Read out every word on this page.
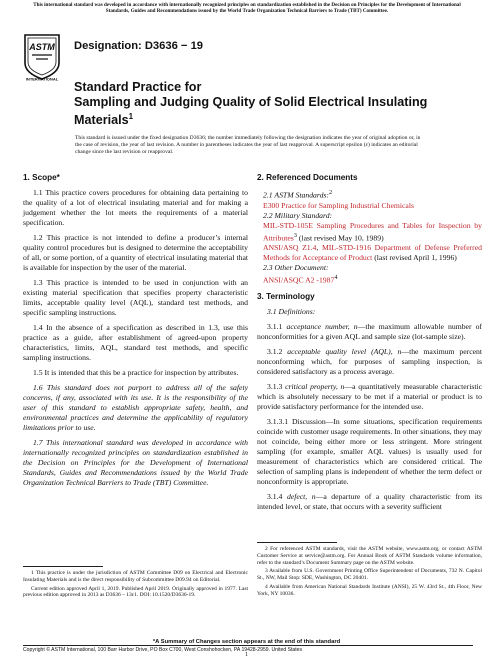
This international standard was developed in accordance with internationally recognized principles on standardization established in the Decision on Principles for the Development of International Standards, Guides and Recommendations issued by the World Trade Organization Technical Barriers to Trade (TBT) Committee.
ASTM
INTERNATIONAL
Designation: D3636 − 19
Standard Practice for
Sampling and Judging Quality of Solid Electrical Insulating
Materials$^1$
This standard is issued under the fixed designation D3636; the number immediately following the designation indicates the year of original adoption or, in the case of revision, the year of last revision. A number in parentheses indicates the year of last reapproval. A superscript epsilon (ε) indicates an editorial change since the last revision or reapproval.
1. Scope*

1.1 This practice covers procedures for obtaining data pertaining to the quality of a lot of electrical insulating material and for making a judgement whether the lot meets the requirements of a material specification.

1.2 This practice is not intended to define a producer’s internal quality control procedures but is designed to determine the acceptability of all, or some portion, of a quantity of electrical insulating material that is available for inspection by the user of the material.

1.3 This practice is intended to be used in conjunction with an existing material specification that specifies property characteristic limits, acceptable quality level (AQL), standard test methods, and specific sampling instructions.

1.4 In the absence of a specification as described in 1.3, use this practice as a guide, after establishment of agreed-upon property characteristics, limits, AQL, standard test methods, and specific sampling instructions.

1.5 It is intended that this be a practice for inspection by attributes.

1.6 This standard does not purport to address all of the safety concerns, if any, associated with its use. It is the responsibility of the user of this standard to establish appropriate safety, health, and environmental practices and determine the applicability of regulatory limitations prior to use.

1.7 This international standard was developed in accordance with internationally recognized principles on standardization established in the Decision on Principles for the Development of International Standards, Guides and Recommendations issued by the World Trade Organization Technical Barriers to Trade (TBT) Committee.

2. Referenced Documents

2.1 ASTM Standards:$^2$

E300 Practice for Sampling Industrial Chemicals

2.2 Military Standard:

MIL-STD-105E Sampling Procedures and Tables for Inspection by Attributes$^3$ (last revised May 10, 1989)

ANSI/ASQ Z1.4, MIL-STD-1916 Department of Defense Preferred Methods for Acceptance of Product (last revised April 1, 1996)

2.3 Other Document:

ANSI/ASQC A2 -1987$^4$

3. Terminology

3.1 Definitions:

3.1.1 acceptance number, n—the maximum allowable number of nonconformities for a given AQL and sample size (lot-sample size).

3.1.2 acceptable quality level (AQL), n—the maximum percent nonconforming which, for purposes of sampling inspection, is considered satisfactory as a process average.

3.1.3 critical property, n—a quantitatively measurable characteristic which is absolutely necessary to be met if a material or product is to provide satisfactory performance for the intended use.

3.1.3.1 Discussion—In some situations, specification requirements coincide with customer usage requirements. In other situations, they may not coincide, being either more or less stringent. More stringent sampling (for example, smaller AQL values) is usually used for measurement of characteristics which are considered critical. The selection of sampling plans is independent of whether the term defect or nonconformity is appropriate.

3.1.4 defect, n—a departure of a quality characteristic from its intended level, or state, that occurs with a severity sufficient

1 This practice is under the jurisdiction of ASTM Committee D09 on Electrical and Electronic Insulating Materials and is the direct responsibility of Subcommittee D09.94 on Editorial.

Current edition approved April 1, 2019. Published April 2019. Originally approved in 1977. Last previous edition approved in 2013 as D3636 – 13ε1. DOI: 10.1520/D3636-19.

2 For referenced ASTM standards, visit the ASTM website, www.astm.org, or contact ASTM Customer Service at service@astm.org. For Annual Book of ASTM Standards volume information, refer to the standard’s Document Summary page on the ASTM website.

3 Available from U.S. Government Printing Office Superintendent of Documents, 732 N. Capitol St., NW, Mail Stop: SDE, Washington, DC 20401.

4 Available from American National Standards Institute (ANSI), 25 W. 43rd St., 4th Floor, New York, NY 10036.

*A Summary of Changes section appears at the end of this standard
Copyright © ASTM International, 100 Barr Harbor Drive, PO Box C700, West Conshohocken, PA 19428-2959. United States
1
